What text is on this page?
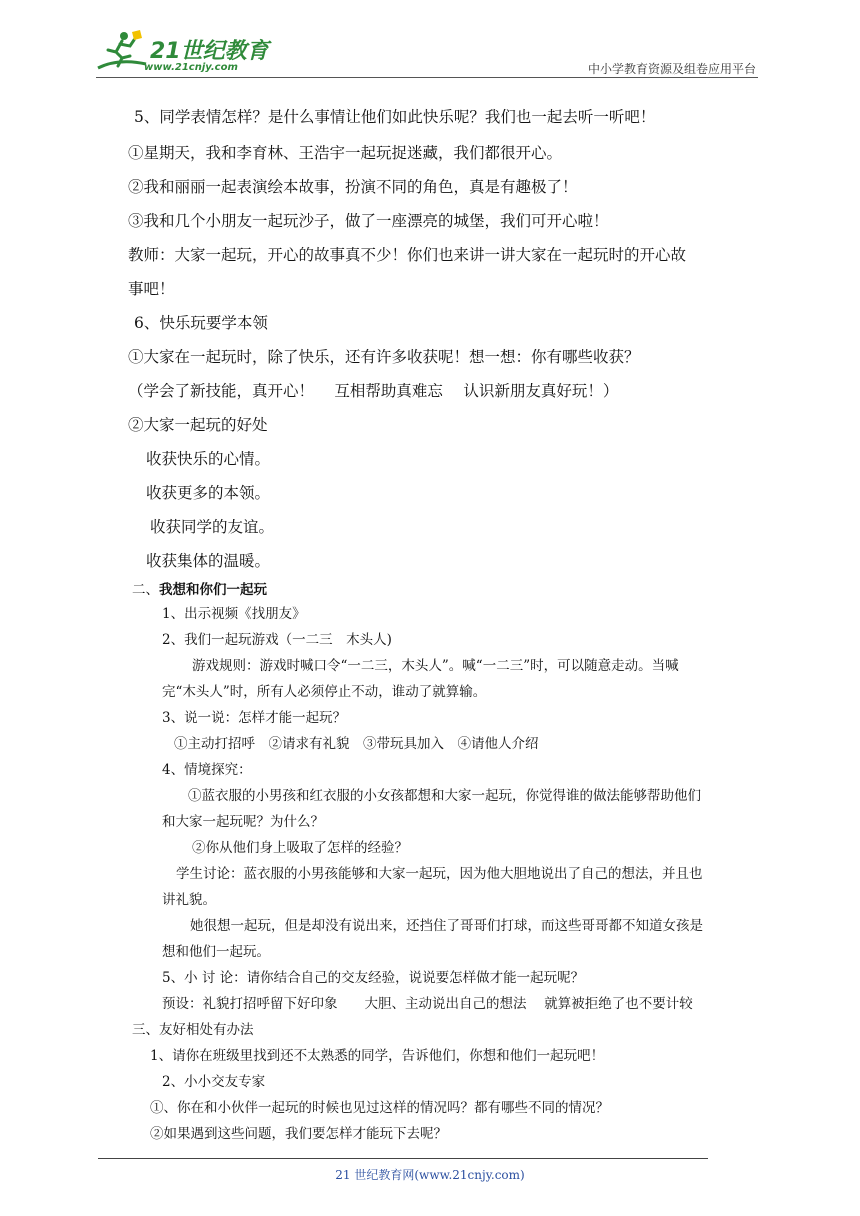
21世纪教育
www.21cnjy.com	中小学教育资源及组卷应用平台
5、同学表情怎样？是什么事情让他们如此快乐呢？我们也一起去听一听吧！
①星期天，我和李育林、王浩宇一起玩捉迷藏，我们都很开心。
②我和丽丽一起表演绘本故事，扮演不同的角色，真是有趣极了！
③我和几个小朋友一起玩沙子，做了一座漂亮的城堡，我们可开心啦！
教师：大家一起玩，开心的故事真不少！你们也来讲一讲大家在一起玩时的开心故
事吧！
6、快乐玩要学本领
①大家在一起玩时，除了快乐，还有许多收获呢！想一想：你有哪些收获？
（学会了新技能，真开心！　 互相帮助真难忘　 认识新朋友真好玩！）
②大家一起玩的好处
收获快乐的心情。
收获更多的本领。
收获同学的友谊。
收获集体的温暖。
二、我想和你们一起玩
1、出示视频《找朋友》
2、我们一起玩游戏（一二三　木头人)
游戏规则：游戏时喊口令“一二三，木头人”。喊“一二三”时，可以随意走动。当喊
完“木头人”时，所有人必须停止不动，谁动了就算输。
3、说一说：怎样才能一起玩？
①主动打招呼　②请求有礼貌　③带玩具加入　④请他人介绍
4、情境探究：
①蓝衣服的小男孩和红衣服的小女孩都想和大家一起玩，你觉得谁的做法能够帮助他们
和大家一起玩呢？为什么？
②你从他们身上吸取了怎样的经验？
学生讨论：蓝衣服的小男孩能够和大家一起玩，因为他大胆地说出了自己的想法，并且也
讲礼貌。
她很想一起玩，但是却没有说出来，还挡住了哥哥们打球，而这些哥哥都不知道女孩是
想和他们一起玩。
5、小 讨 论：请你结合自己的交友经验，说说要怎样做才能一起玩呢？
预设：礼貌打招呼留下好印象　　大胆、主动说出自己的想法　 就算被拒绝了也不要计较
三、友好相处有办法
1、请你在班级里找到还不太熟悉的同学，告诉他们，你想和他们一起玩吧！
2、小小交友专家
①、你在和小伙伴一起玩的时候也见过这样的情况吗？都有哪些不同的情况？
②如果遇到这些问题，我们要怎样才能玩下去呢？
21 世纪教育网(www.21cnjy.com)
